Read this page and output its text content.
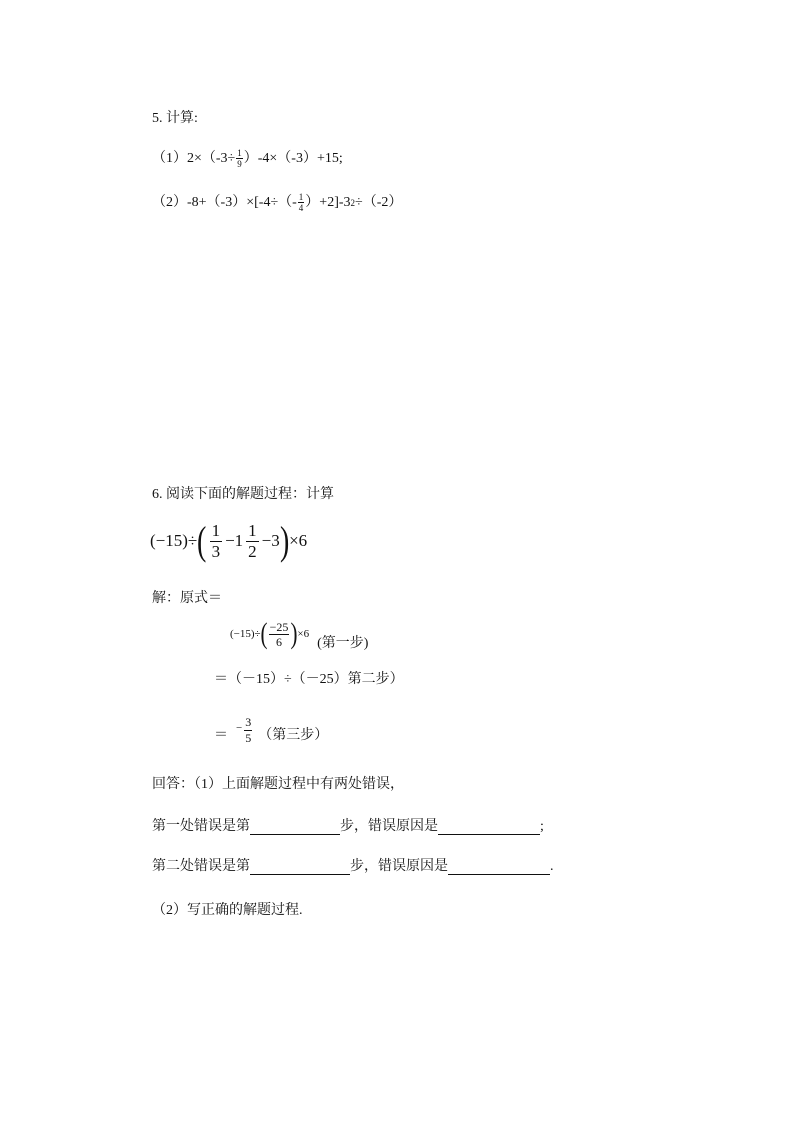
5. 计算:
$(1)2\times(-3\div \frac{1}{9} )-4\times(-3)+15$;
$(2)-8+(-3)\times[-4\div(- \frac{1}{4} )+2]-3$ 2 ÷（-2）
6. 阅读下面的解题过程：计算
(−15)÷ ( $\frac{1}{3} -1 \frac{1}{2} -3$ ) ×6
解：原式＝
(−15)÷ ( $\frac{-25}{6}$ ) ×6
(第一步)
＝（－15）÷（－25）第二步）
＝ − $\frac{3}{5}$ （第三步）
回答：（1）上面解题过程中有两处错误，
第一处错误是第	步，错误原因是	;
第二处错误是第	步，错误原因是	.
（2）写正确的解题过程.
